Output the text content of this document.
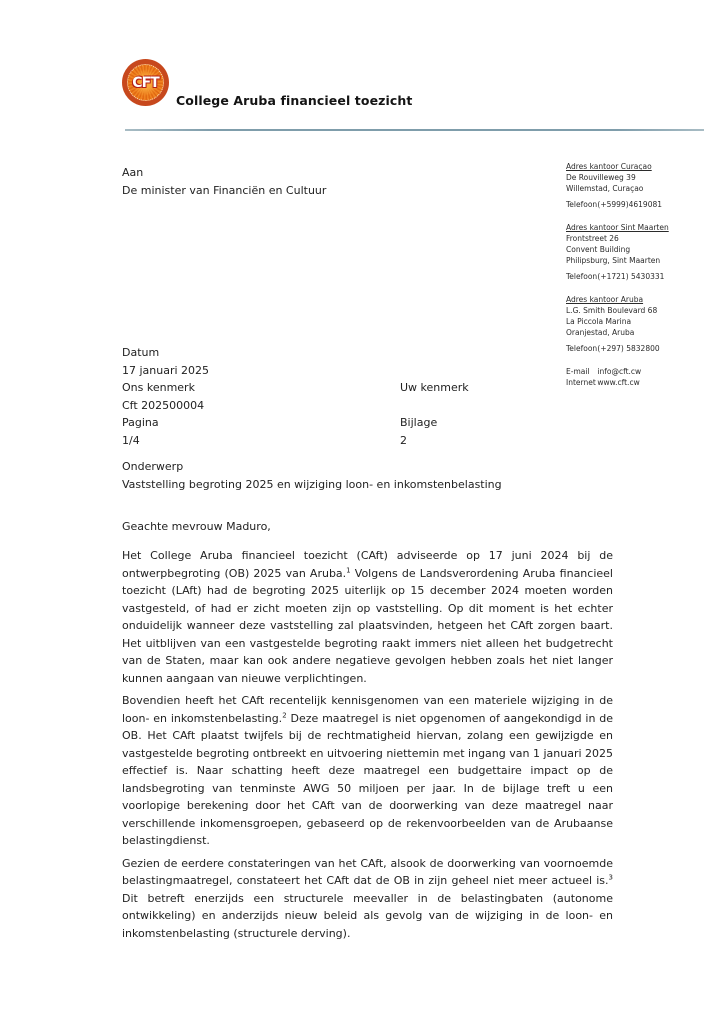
CFT
College Aruba financieel toezicht
Aan
De minister van Financiën en Cultuur
Adres kantoor Curaçao
De Rouvilleweg 39
Willemstad, Curaçao
Telefoon (+5999)4619081
Adres kantoor Sint Maarten
Frontstreet 26
Convent Building
Philipsburg, Sint Maarten
Telefoon (+1721) 5430331
Adres kantoor Aruba
L.G. Smith Boulevard 68
La Piccola Marina
Oranjestad, Aruba
Telefoon (+297) 5832800
E-mail info@cft.cw
Internet www.cft.cw
Datum
17 januari 2025
Ons kenmerk	Uw kenmerk
Cft 202500004
Pagina	Bijlage
1/4	2
Onderwerp
Vaststelling begroting 2025 en wijziging loon- en inkomstenbelasting
Geachte mevrouw Maduro,

Het College Aruba financieel toezicht (CAft) adviseerde op 17 juni 2024 bij de ontwerpbegroting (OB) 2025 van Aruba.$^1$ Volgens de Landsverordening Aruba financieel toezicht (LAft) had de begroting 2025 uiterlijk op 15 december 2024 moeten worden vastgesteld, of had er zicht moeten zijn op vaststelling. Op dit moment is het echter onduidelijk wanneer deze vaststelling zal plaatsvinden, hetgeen het CAft zorgen baart. Het uitblijven van een vastgestelde begroting raakt immers niet alleen het budgetrecht van de Staten, maar kan ook andere negatieve gevolgen hebben zoals het niet langer kunnen aangaan van nieuwe verplichtingen.

Bovendien heeft het CAft recentelijk kennisgenomen van een materiele wijziging in de loon- en inkomstenbelasting.$^2$ Deze maatregel is niet opgenomen of aangekondigd in de OB. Het CAft plaatst twijfels bij de rechtmatigheid hiervan, zolang een gewijzigde en vastgestelde begroting ontbreekt en uitvoering niettemin met ingang van 1 januari 2025 effectief is. Naar schatting heeft deze maatregel een budgettaire impact op de landsbegroting van tenminste AWG 50 miljoen per jaar. In de bijlage treft u een voorlopige berekening door het CAft van de doorwerking van deze maatregel naar verschillende inkomensgroepen, gebaseerd op de rekenvoorbeelden van de Arubaanse belastingdienst.

Gezien de eerdere constateringen van het CAft, alsook de doorwerking van voornoemde belastingmaatregel, constateert het CAft dat de OB in zijn geheel niet meer actueel is.$^3$ Dit betreft enerzijds een structurele meevaller in de belastingbaten (autonome ontwikkeling) en anderzijds nieuw beleid als gevolg van de wijziging in de loon- en inkomstenbelasting (structurele derving).
